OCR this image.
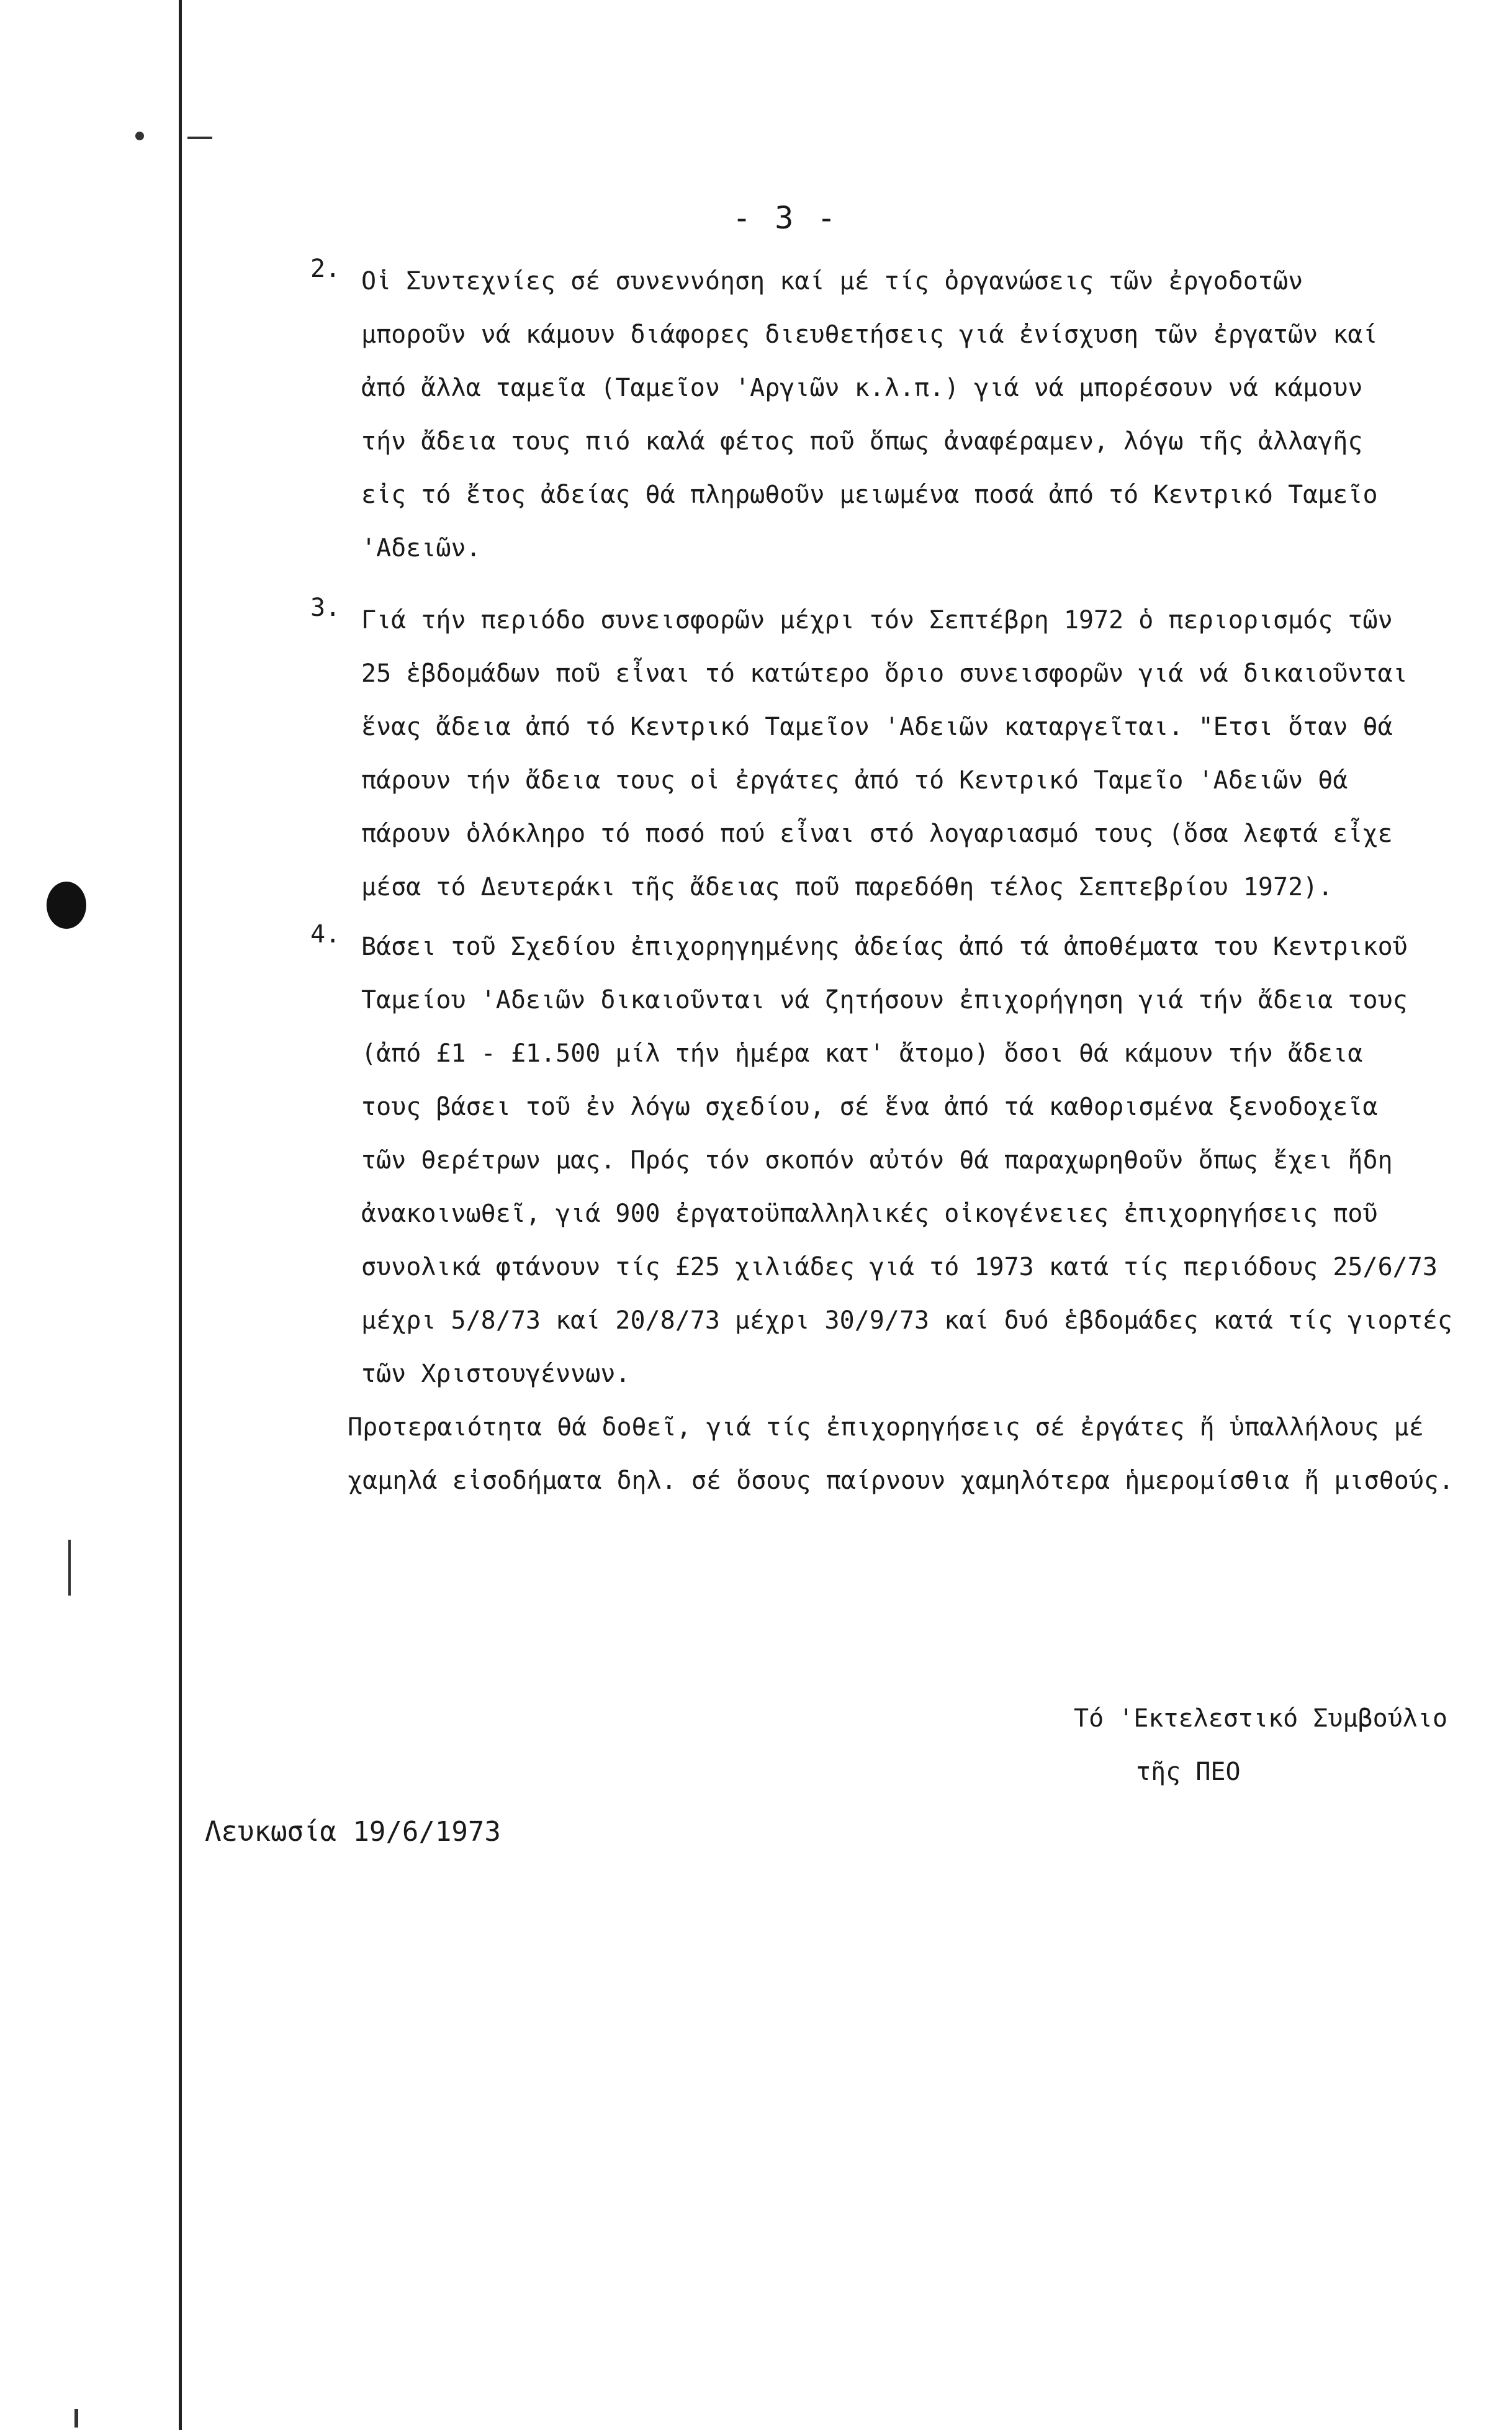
- 3 -
2. Οἱ Συντεχνίες σέ συνεννόηση καί μέ τίς ὀργανώσεις τῶν ἐργοδοτῶν
μποροῦν νά κάμουν διάφορες διευθετήσεις γιά ἐνίσχυση τῶν ἐργατῶν καί
ἀπό ἄλλα ταμεῖα (Ταμεῖον 'Αργιῶν κ.λ.π.) γιά νά μπορέσουν νά κάμουν
τήν ἄδεια τους πιό καλά φέτος ποῦ ὅπως ἀναφέραμεν, λόγω τῆς ἀλλαγῆς
εἰς τό ἔτος ἀδείας θά πληρωθοῦν μειωμένα ποσά ἀπό τό Κεντρικό Ταμεῖο
'Αδειῶν.
3. Γιά τήν περιόδο συνεισφορῶν μέχρι τόν Σεπτέβρη 1972 ὁ περιορισμός τῶν
25 ἑβδομάδων ποῦ εἶναι τό κατώτερο ὅριο συνεισφορῶν γιά νά δικαιοῦνται
ἕνας ἄδεια ἀπό τό Κεντρικό Ταμεῖον 'Αδειῶν καταργεῖται. "Ετσι ὅταν θά
πάρουν τήν ἄδεια τους οἱ ἐργάτες ἀπό τό Κεντρικό Ταμεῖο 'Αδειῶν θά
πάρουν ὁλόκληρο τό ποσό πού εἶναι στό λογαριασμό τους (ὅσα λεφτά εἶχε
μέσα τό Δευτεράκι τῆς ἄδειας ποῦ παρεδόθη τέλος Σεπτεβρίου 1972).
4. Βάσει τοῦ Σχεδίου ἐπιχορηγημένης ἀδείας ἀπό τά ἀποθέματα του Κεντρικοῦ
Ταμείου 'Αδειῶν δικαιοῦνται νά ζητήσουν ἐπιχορήγηση γιά τήν ἄδεια τους
(ἀπό £1 - £1.500 μίλ τήν ἡμέρα κατ' ἄτομο) ὅσοι θά κάμουν τήν ἄδεια
τους βάσει τοῦ ἐν λόγω σχεδίου, σέ ἕνα ἀπό τά καθορισμένα ξενοδοχεῖα
τῶν θερέτρων μας. Πρός τόν σκοπόν αὐτόν θά παραχωρηθοῦν ὅπως ἔχει ἤδη
ἀνακοινωθεῖ, γιά 900 ἐργατοϋπαλληλικές οἰκογένειες ἐπιχορηγήσεις ποῦ
συνολικά φτάνουν τίς £25 χιλιάδες γιά τό 1973 κατά τίς περιόδους 25/6/73
μέχρι 5/8/73 καί 20/8/73 μέχρι 30/9/73 καί δυό ἑβδομάδες κατά τίς γιορτές
τῶν Χριστουγέννων.
Προτεραιότητα θά δοθεῖ, γιά τίς ἐπιχορηγήσεις σέ ἐργάτες ἤ ὑπαλλήλους μέ
χαμηλά εἰσοδήματα δηλ. σέ ὅσους παίρνουν χαμηλότερα ἡμερομίσθια ἤ μισθούς.
Τό 'Εκτελεστικό Συμβούλιο
τῆς ΠΕΟ
Λευκωσία 19/6/1973
